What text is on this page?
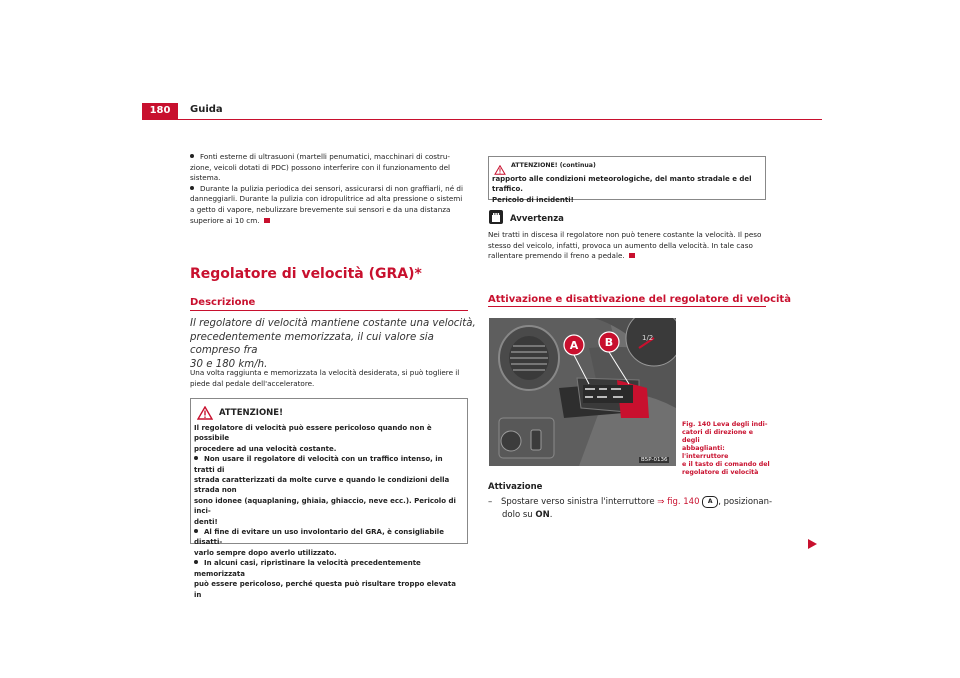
180	Guida
Fonti esterne di ultrasuoni (martelli penumatici, macchinari di costru-
zione, veicoli dotati di PDC) possono interferire con il funzionamento del
sistema.
Durante la pulizia periodica dei sensori, assicurarsi di non graffiarli, né di
danneggiarli. Durante la pulizia con idropulitrice ad alta pressione o sistemi
a getto di vapore, nebulizzare brevemente sui sensori e da una distanza
superiore ai 10 cm.
Regolatore di velocità (GRA)*
Descrizione
Il regolatore di velocità mantiene costante una velocità,
precedentemente memorizzata, il cui valore sia compreso fra
30 e 180 km/h.
Una volta raggiunta e memorizzata la velocità desiderata, si può togliere il
piede dal pedale dell'acceleratore.
ATTENZIONE!
Il regolatore di velocità può essere pericoloso quando non è possibile
procedere ad una velocità costante.
Non usare il regolatore di velocità con un traffico intenso, in tratti di
strada caratterizzati da molte curve e quando le condizioni della strada non
sono idonee (aquaplaning, ghiaia, ghiaccio, neve ecc.). Pericolo di inci-
denti!
Al fine di evitare un uso involontario del GRA, è consigliabile disatti-
varlo sempre dopo averlo utilizzato.
In alcuni casi, ripristinare la velocità precedentemente memorizzata
può essere pericoloso, perché questa può risultare troppo elevata in
ATTENZIONE! (continua)
rapporto alle condizioni meteorologiche, del manto stradale e del traffico.
Pericolo di incidenti!
Avvertenza
Nei tratti in discesa il regolatore non può tenere costante la velocità. Il peso
stesso del veicolo, infatti, provoca un aumento della velocità. In tale caso
rallentare premendo il freno a pedale.
Attivazione e disattivazione del regolatore di velocità
1/2
A B
B5P-0136
Fig. 140 Leva degli indi-
catori di direzione e degli
abbaglianti: l'interruttore
e il tasto di comando del
regolatore di velocità
Attivazione
– Spostare verso sinistra l'interruttore ⇒ fig. 140 A , posizionan-
dolo su ON.
